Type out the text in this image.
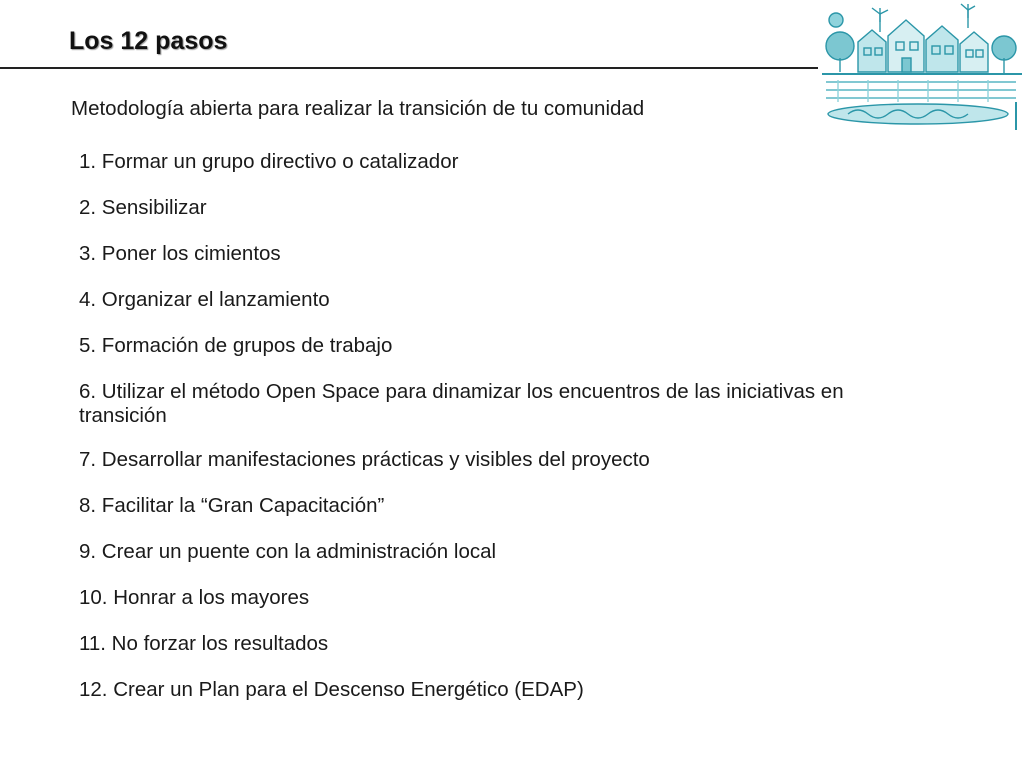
Los 12 pasos

Metodología abierta para realizar la transición de tu comunidad

1. Formar un grupo directivo o catalizador
2. Sensibilizar
3. Poner los cimientos
4. Organizar el lanzamiento
5. Formación de grupos de trabajo
6. Utilizar el método Open Space para dinamizar los encuentros de las iniciativas en transición
7. Desarrollar manifestaciones prácticas y visibles del proyecto
8. Facilitar la “Gran Capacitación”
9. Crear un puente con la administración local
10. Honrar a los mayores
11. No forzar los resultados
12. Crear un Plan para el Descenso Energético (EDAP)
